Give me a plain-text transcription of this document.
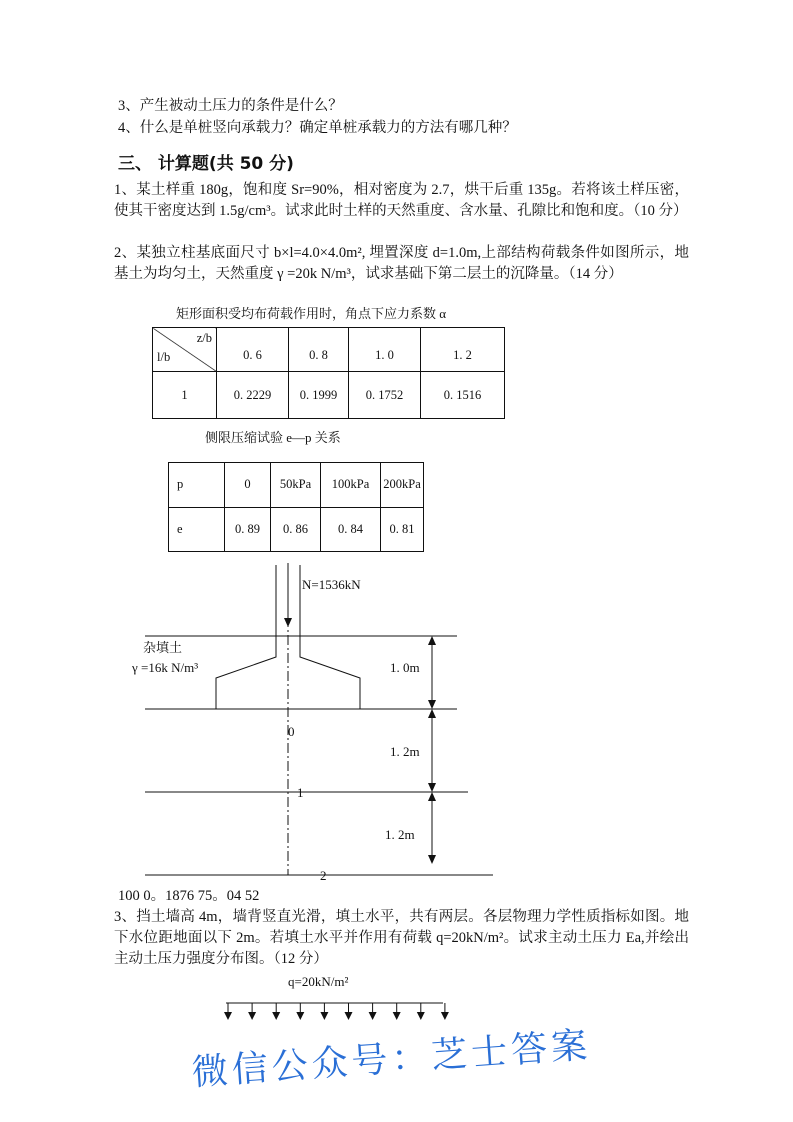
3、产生被动土压力的条件是什么？
4、什么是单桩竖向承载力？确定单桩承载力的方法有哪几种？
三、 计算题(共 50 分)
1、某土样重 180g，饱和度 Sr=90%，相对密度为 2.7，烘干后重 135g。若将该土样压密，使其干密度达到 1.5g/cm³。试求此时土样的天然重度、含水量、孔隙比和饱和度。（10 分）
2、某独立柱基底面尺寸 b×l=4.0×4.0m², 埋置深度 d=1.0m,上部结构荷载条件如图所示，地基土为均匀土，天然重度 γ =20k N/m³，试求基础下第二层土的沉降量。（14 分）
矩形面积受均布荷载作用时，角点下应力系数 α
z/b
l/b	0. 6	0. 8	1. 0	1. 2
1	0. 2229	0. 1999	0. 1752	0. 1516
侧限压缩试验 e—p 关系
p	0	50kPa	100kPa	200kPa
e	0. 89	0. 86	0. 84	0. 81
N=1536kN
杂填土
γ =16k N/m³	1. 0m
1. 2m
1. 2m
0
1
2
100 0。1876 75。04 52
3、挡土墙高 4m，墙背竖直光滑，填土水平，共有两层。各层物理力学性质指标如图。地下水位距地面以下 2m。若填土水平并作用有荷载 q=20kN/m²。试求主动土压力 Ea,并绘出主动土压力强度分布图。（12 分）
q=20kN/m²
微信公众号：芝士答案
